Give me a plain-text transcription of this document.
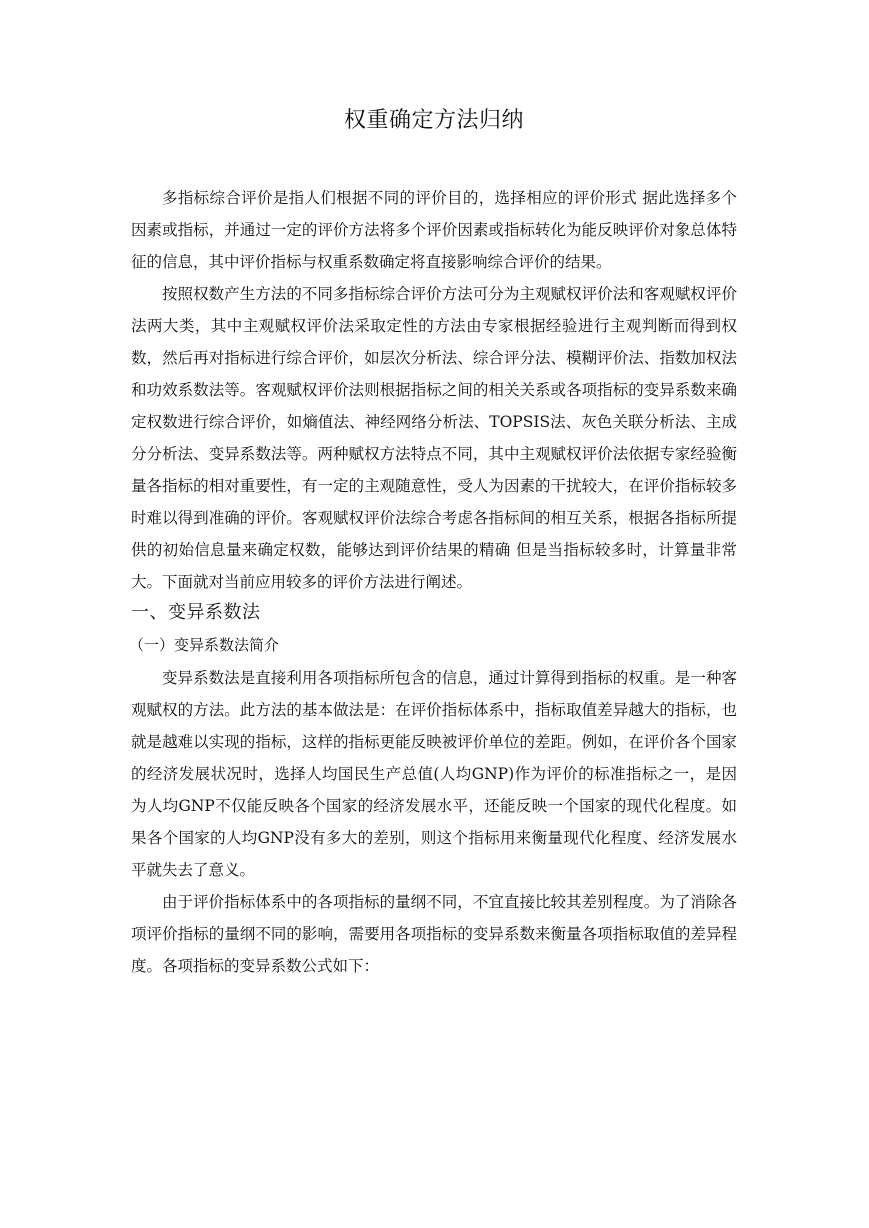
权重确定方法归纳

多指标综合评价是指人们根据不同的评价目的，选择相应的评价形式 据此选择多个因素或指标，并通过一定的评价方法将多个评价因素或指标转化为能反映评价对象总体特征的信息，其中评价指标与权重系数确定将直接影响综合评价的结果。

按照权数产生方法的不同多指标综合评价方法可分为主观赋权评价法和客观赋权评价法两大类，其中主观赋权评价法采取定性的方法由专家根据经验进行主观判断而得到权数，然后再对指标进行综合评价，如层次分析法、综合评分法、模糊评价法、指数加权法和功效系数法等。客观赋权评价法则根据指标之间的相关关系或各项指标的变异系数来确定权数进行综合评价，如熵值法、神经网络分析法、TOPSIS法、灰色关联分析法、主成分分析法、变异系数法等。两种赋权方法特点不同，其中主观赋权评价法依据专家经验衡量各指标的相对重要性，有一定的主观随意性，受人为因素的干扰较大，在评价指标较多时难以得到准确的评价。客观赋权评价法综合考虑各指标间的相互关系，根据各指标所提供的初始信息量来确定权数，能够达到评价结果的精确 但是当指标较多时，计算量非常大。下面就对当前应用较多的评价方法进行阐述。

一、变异系数法
（一）变异系数法简介

变异系数法是直接利用各项指标所包含的信息，通过计算得到指标的权重。是一种客观赋权的方法。此方法的基本做法是：在评价指标体系中，指标取值差异越大的指标，也就是越难以实现的指标，这样的指标更能反映被评价单位的差距。例如，在评价各个国家的经济发展状况时，选择人均国民生产总值(人均GNP)作为评价的标准指标之一，是因为人均GNP不仅能反映各个国家的经济发展水平，还能反映一个国家的现代化程度。如果各个国家的人均GNP没有多大的差别，则这个指标用来衡量现代化程度、经济发展水平就失去了意义。

由于评价指标体系中的各项指标的量纲不同，不宜直接比较其差别程度。为了消除各项评价指标的量纲不同的影响，需要用各项指标的变异系数来衡量各项指标取值的差异程度。各项指标的变异系数公式如下：
